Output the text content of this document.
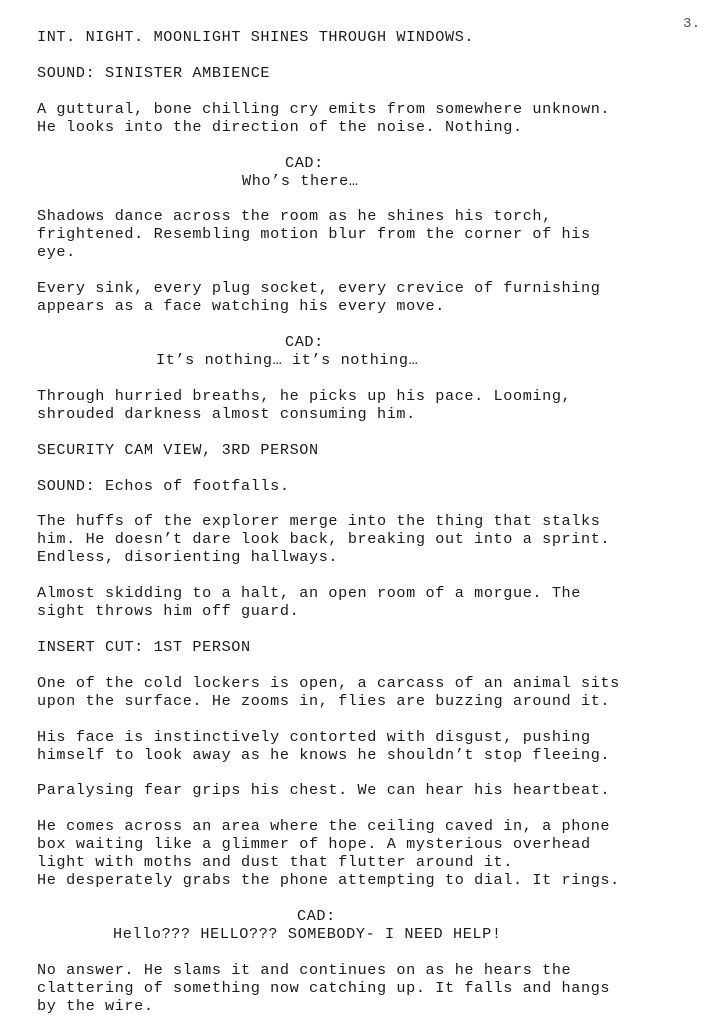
3.
INT. NIGHT. MOONLIGHT SHINES THROUGH WINDOWS.
SOUND: SINISTER AMBIENCE
A guttural, bone chilling cry emits from somewhere unknown.
He looks into the direction of the noise. Nothing.
CAD:
Who’s there…
Shadows dance across the room as he shines his torch,
frightened. Resembling motion blur from the corner of his
eye.
Every sink, every plug socket, every crevice of furnishing
appears as a face watching his every move.
CAD:
It’s nothing… it’s nothing…
Through hurried breaths, he picks up his pace. Looming,
shrouded darkness almost consuming him.
SECURITY CAM VIEW, 3RD PERSON
SOUND: Echos of footfalls.
The huffs of the explorer merge into the thing that stalks
him. He doesn’t dare look back, breaking out into a sprint.
Endless, disorienting hallways.
Almost skidding to a halt, an open room of a morgue. The
sight throws him off guard.
INSERT CUT: 1ST PERSON
One of the cold lockers is open, a carcass of an animal sits
upon the surface. He zooms in, flies are buzzing around it.
His face is instinctively contorted with disgust, pushing
himself to look away as he knows he shouldn’t stop fleeing.
Paralysing fear grips his chest. We can hear his heartbeat.
He comes across an area where the ceiling caved in, a phone
box waiting like a glimmer of hope. A mysterious overhead
light with moths and dust that flutter around it.
He desperately grabs the phone attempting to dial. It rings.
CAD:
Hello??? HELLO??? SOMEBODY- I NEED HELP!
No answer. He slams it and continues on as he hears the
clattering of something now catching up. It falls and hangs
by the wire.
